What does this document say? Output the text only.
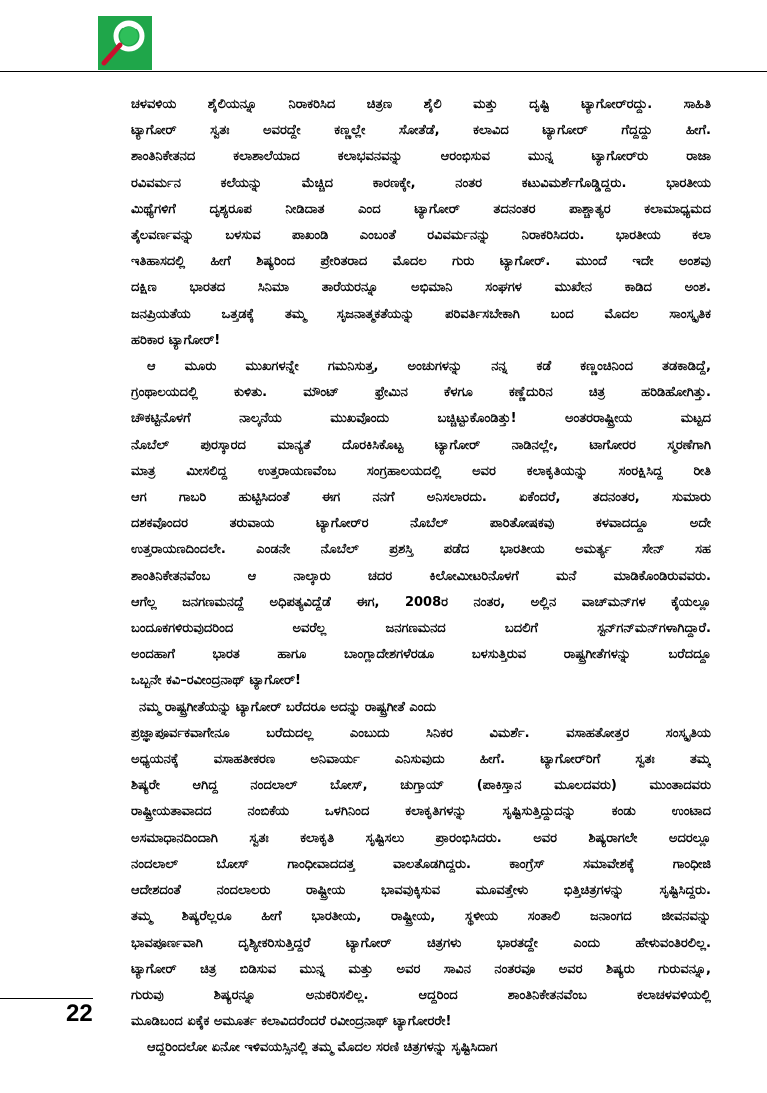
ಚಳವಳಿಯ ಶೈಲಿಯನ್ನೂ ನಿರಾಕರಿಸಿದ ಚಿತ್ರಣ ಶೈಲಿ ಮತ್ತು ದೃಷ್ಟಿ ಟ್ಯಾಗೋರ್‌ರದ್ದು. ಸಾಹಿತಿ
ಟ್ಯಾಗೋರ್ ಸ್ವತಃ ಅವರದ್ದೇ ಕಣ್ಣಲ್ಲೇ ಸೋತೆಡೆ, ಕಲಾವಿದ ಟ್ಯಾಗೋರ್ ಗೆದ್ದದ್ದು ಹೀಗೆ.
ಶಾಂತಿನಿಕೇತನದ ಕಲಾಶಾಲೆಯಾದ ಕಲಾಭವನವನ್ನು ಆರಂಭಿಸುವ ಮುನ್ನ ಟ್ಯಾಗೋರ್‌ರು ರಾಜಾ
ರವಿವರ್ಮನ ಕಲೆಯನ್ನು ಮೆಚ್ಚಿದ ಕಾರಣಕ್ಕೇ, ನಂತರ ಕಟುವಿಮರ್ಶೆಗೊಡ್ಡಿದ್ದರು. ಭಾರತೀಯ
ಮಿಥ್ಯೆಗಳಿಗೆ ದೃಶ್ಯರೂಪ ನೀಡಿದಾತ ಎಂದ ಟ್ಯಾಗೋರ್ ತದನಂತರ ಪಾಶ್ಚಾತ್ಯರ ಕಲಾಮಾಧ್ಯಮದ
ತೈಲವರ್ಣವನ್ನು ಬಳಸುವ ಪಾಖಂಡಿ ಎಂಬಂತೆ ರವಿವರ್ಮನನ್ನು ನಿರಾಕರಿಸಿದರು. ಭಾರತೀಯ ಕಲಾ
ಇತಿಹಾಸದಲ್ಲಿ ಹೀಗೆ ಶಿಷ್ಯರಿಂದ ಪ್ರೇರಿತರಾದ ಮೊದಲ ಗುರು ಟ್ಯಾಗೋರ್. ಮುಂದೆ ಇದೇ ಅಂಶವು
ದಕ್ಷಿಣ ಭಾರತದ ಸಿನಿಮಾ ತಾರೆಯರನ್ನೂ ಅಭಿಮಾನಿ ಸಂಘಗಳ ಮುಖೇನ ಕಾಡಿದ ಅಂಶ.
ಜನಪ್ರಿಯತೆಯ ಒತ್ತಡಕ್ಕೆ ತಮ್ಮ ಸೃಜನಾತ್ಮಕತೆಯನ್ನು ಪರಿವರ್ತಿಸಬೇಕಾಗಿ ಬಂದ ಮೊದಲ ಸಾಂಸ್ಕೃತಿಕ
ಹರಿಕಾರ ಟ್ಯಾಗೋರ್!
ಆ ಮೂರು ಮುಖಗಳನ್ನೇ ಗಮನಿಸುತ್ತ, ಅಂಚುಗಳನ್ನು ನನ್ನ ಕಡೆ ಕಣ್ಣಂಚಿನಿಂದ ತಡಕಾಡಿದ್ದೆ,
ಗ್ರಂಥಾಲಯದಲ್ಲಿ ಕುಳಿತು. ಮೌಂಟ್ ಫ್ರೇಮಿನ ಕೆಳಗೂ ಕಣ್ಣೆದುರಿನ ಚಿತ್ರ ಹರಿಡಿಹೋಗಿತ್ತು.
ಚೌಕಟ್ಟಿನೊಳಗೆ ನಾಲ್ಕನೆಯ ಮುಖವೊಂದು ಬಚ್ಚಿಟ್ಟುಕೊಂಡಿತ್ತು! ಅಂತರರಾಷ್ಟ್ರೀಯ ಮಟ್ಟದ
ನೊಬೆಲ್ ಪುರಸ್ಕಾರದ ಮಾನ್ಯತೆ ದೊರಕಿಸಿಕೊಟ್ಟ ಟ್ಯಾಗೋರ್ ನಾಡಿನಲ್ಲೇ, ಟಾಗೋರರ ಸ್ಮರಣೆಗಾಗಿ
ಮಾತ್ರ ಮೀಸಲಿದ್ದ ಉತ್ತರಾಯಣವೆಂಬ ಸಂಗ್ರಹಾಲಯದಲ್ಲಿ ಅವರ ಕಲಾಕೃತಿಯನ್ನು ಸಂರಕ್ಷಿಸಿದ್ದ ರೀತಿ
ಆಗ ಗಾಬರಿ ಹುಟ್ಟಿಸಿದಂತೆ ಈಗ ನನಗೆ ಅನಿಸಲಾರದು. ಏಕೆಂದರೆ, ತದನಂತರ, ಸುಮಾರು
ದಶಕವೊಂದರ ತರುವಾಯ ಟ್ಯಾಗೋರ್‌ರ ನೊಬೆಲ್ ಪಾರಿತೋಷಕವು ಕಳವಾದದ್ದೂ ಅದೇ
ಉತ್ತರಾಯಣದಿಂದಲೇ. ಎಂಡನೇ ನೊಬೆಲ್ ಪ್ರಶಸ್ತಿ ಪಡೆದ ಭಾರತೀಯ ಅಮರ್ತ್ಯ ಸೇನ್ ಸಹ
ಶಾಂತಿನಿಕೇತನವೆಂಬ ಆ ನಾಲ್ಕಾರು ಚದರ ಕಿಲೋಮೀಟರಿನೊಳಗೆ ಮನೆ ಮಾಡಿಕೊಂಡಿರುವವರು.
ಆಗೆಲ್ಲ ಜನಗಣಮನದ್ದೆ ಅಧಿಪತ್ಯವಿದ್ದೆಡೆ ಈಗ, 2008ರ ನಂತರ, ಅಲ್ಲಿನ ವಾಚ್‌ಮನ್‌ಗಳ ಕೈಯಲ್ಲೂ
ಬಂದೂಕಗಳಿರುವುದರಿಂದ ಅವರೆಲ್ಲ ಜನಗಣಮನದ ಬದಲಿಗೆ ಸ್ಟನ್‌ಗನ್‌ಮನ್‌ಗಳಾಗಿದ್ದಾರೆ.
ಅಂದಹಾಗೆ ಭಾರತ ಹಾಗೂ ಬಾಂಗ್ಲಾದೇಶಗಳೆರಡೂ ಬಳಸುತ್ತಿರುವ ರಾಷ್ಟ್ರಗೀತೆಗಳನ್ನು ಬರೆದದ್ದೂ
ಒಬ್ಬನೇ ಕವಿ–ರವೀಂದ್ರನಾಥ್ ಟ್ಯಾಗೋರ್!
ನಮ್ಮ ರಾಷ್ಟ್ರಗೀತೆಯನ್ನು ಟ್ಯಾಗೋರ್ ಬರೆದರೂ ಅದನ್ನು ರಾಷ್ಟ್ರಗೀತೆ ಎಂದು
ಪ್ರಜ್ಞಾಪೂರ್ವಕವಾಗೇನೂ ಬರೆದುದಲ್ಲ ಎಂಬುದು ಸಿನಿಕರ ವಿಮರ್ಶೆ. ವಸಾಹತೋತ್ತರ ಸಂಸ್ಕೃತಿಯ
ಅಧ್ಯಯನಕ್ಕೆ ವಸಾಹತೀಕರಣ ಅನಿವಾರ್ಯ ಎನಿಸುವುದು ಹೀಗೆ. ಟ್ಯಾಗೋರ್‌ರಿಗೆ ಸ್ವತಃ ತಮ್ಮ
ಶಿಷ್ಯರೇ ಆಗಿದ್ದ ನಂದಲಾಲ್ ಬೋಸ್, ಚುಗ್ತಾಯ್ (ಪಾಕಿಸ್ತಾನ ಮೂಲದವರು) ಮುಂತಾದವರು
ರಾಷ್ಟ್ರೀಯತಾವಾದದ ನಂಬಿಕೆಯ ಒಳಗಿನಿಂದ ಕಲಾಕೃತಿಗಳನ್ನು ಸೃಷ್ಟಿಸುತ್ತಿದ್ದುದನ್ನು ಕಂಡು ಉಂಟಾದ
ಅಸಮಾಧಾನದಿಂದಾಗಿ ಸ್ವತಃ ಕಲಾಕೃತಿ ಸೃಷ್ಟಿಸಲು ಪ್ರಾರಂಭಿಸಿದರು. ಅವರ ಶಿಷ್ಯರಾಗಲೇ ಅದರಲ್ಲೂ
ನಂದಲಾಲ್ ಬೋಸ್ ಗಾಂಧೀವಾದದತ್ತ ವಾಲತೊಡಗಿದ್ದರು. ಕಾಂಗ್ರೆಸ್ ಸಮಾವೇಶಕ್ಕೆ ಗಾಂಧೀಜಿ
ಆದೇಶದಂತೆ ನಂದಲಾಲರು ರಾಷ್ಟ್ರೀಯ ಭಾವವುಕ್ಕಿಸುವ ಮೂವತ್ತೇಳು ಭಿತ್ತಿಚಿತ್ರಗಳನ್ನು ಸೃಷ್ಟಿಸಿದ್ದರು.
ತಮ್ಮ ಶಿಷ್ಯರೆಲ್ಲರೂ ಹೀಗೆ ಭಾರತೀಯ, ರಾಷ್ಟ್ರೀಯ, ಸ್ಥಳೀಯ ಸಂತಾಲಿ ಜನಾಂಗದ ಜೀವನವನ್ನು
ಭಾವಪೂರ್ಣವಾಗಿ ದೃಶ್ಯೀಕರಿಸುತ್ತಿದ್ದರೆ ಟ್ಯಾಗೋರ್ ಚಿತ್ರಗಳು ಭಾರತದ್ದೇ ಎಂದು ಹೇಳುವಂತಿರಲಿಲ್ಲ.
ಟ್ಯಾಗೋರ್ ಚಿತ್ರ ಬಿಡಿಸುವ ಮುನ್ನ ಮತ್ತು ಅವರ ಸಾವಿನ ನಂತರವೂ ಅವರ ಶಿಷ್ಯರು ಗುರುವನ್ನೂ,
ಗುರುವು ಶಿಷ್ಯರನ್ನೂ ಅನುಕರಿಸಲಿಲ್ಲ. ಆದ್ದರಿಂದ ಶಾಂತಿನಿಕೇತನವೆಂಬ ಕಲಾಚಳವಳಿಯಲ್ಲಿ
ಮೂಡಿಬಂದ ಏಕೈಕ ಅಮೂರ್ತ ಕಲಾವಿದರೆಂದರೆ ರವೀಂದ್ರನಾಥ್ ಟ್ಯಾಗೋರರೇ!
ಆದ್ದರಿಂದಲೋ ಏನೋ ಇಳಿವಯಸ್ಸಿನಲ್ಲಿ ತಮ್ಮ ಮೊದಲ ಸರಣಿ ಚಿತ್ರಗಳನ್ನು ಸೃಷ್ಟಿಸಿದಾಗ
22
